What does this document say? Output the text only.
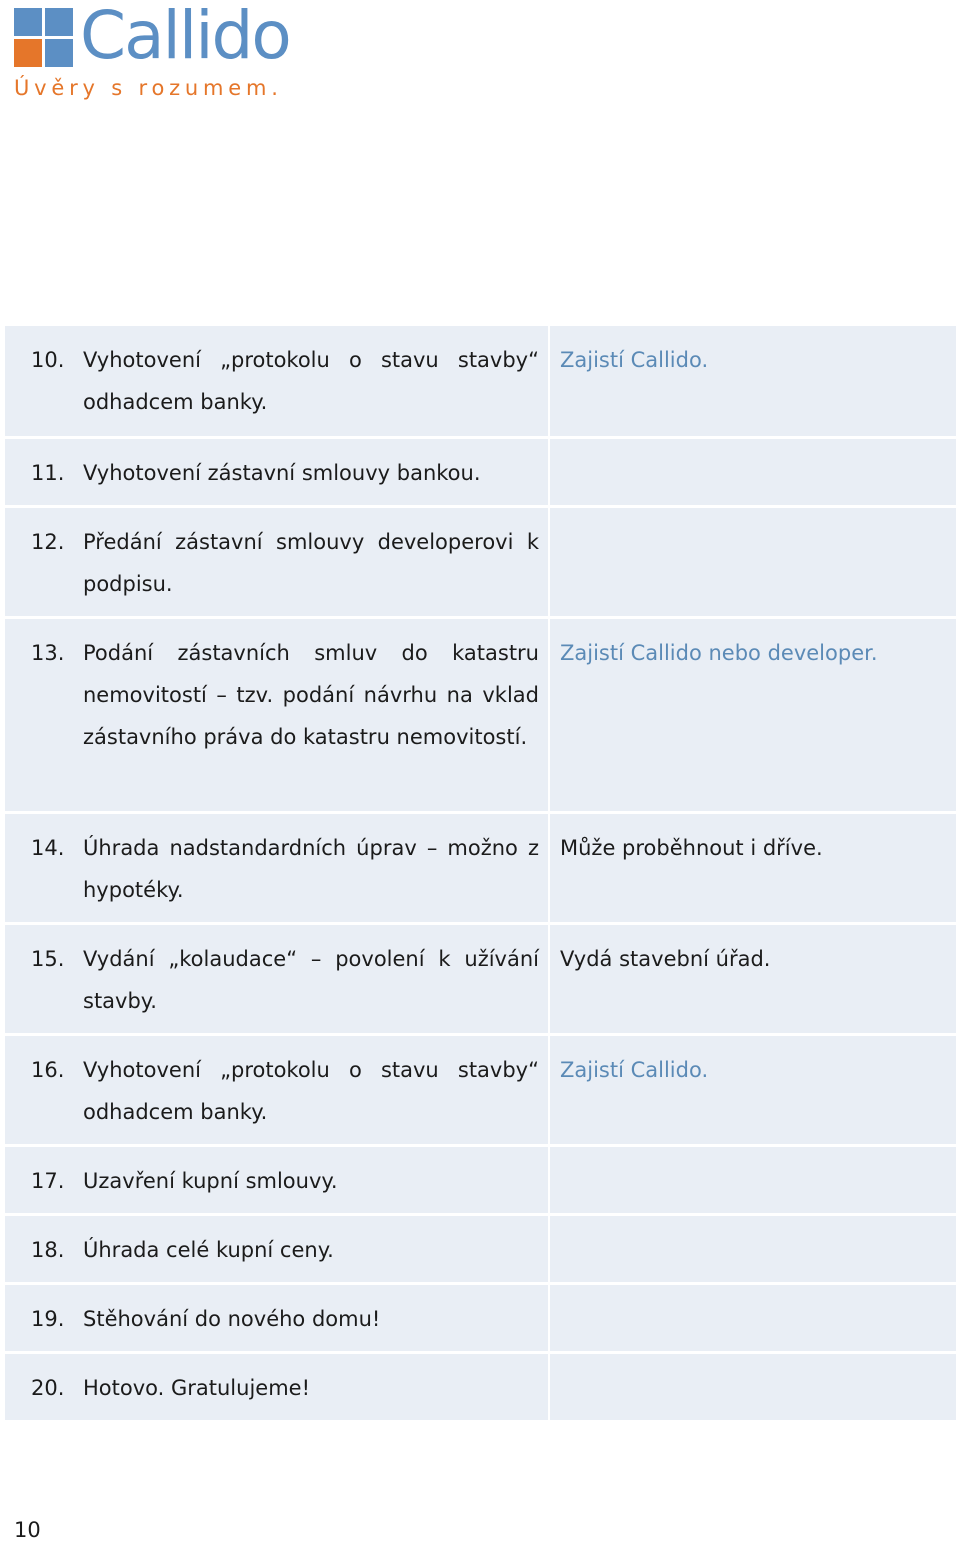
Callido
Úvěry s rozumem.
10. Vyhotovení „protokolu o stavu stavby“ odhadcem banky.
Zajistí Callido.
11. Vyhotovení zástavní smlouvy bankou.
12. Předání zástavní smlouvy developerovi k podpisu.
13. Podání zástavních smluv do katastru nemovitostí – tzv. podání návrhu na vklad zástavního práva do katastru nemovitostí.
Zajistí Callido nebo developer.
14. Úhrada nadstandardních úprav – možno z hypotéky.
Může proběhnout i dříve.
15. Vydání „kolaudace“ – povolení k užívání stavby.
Vydá stavební úřad.
16. Vyhotovení „protokolu o stavu stavby“ odhadcem banky.
Zajistí Callido.
17. Uzavření kupní smlouvy.
18. Úhrada celé kupní ceny.
19. Stěhování do nového domu!
20. Hotovo. Gratulujeme!
10
